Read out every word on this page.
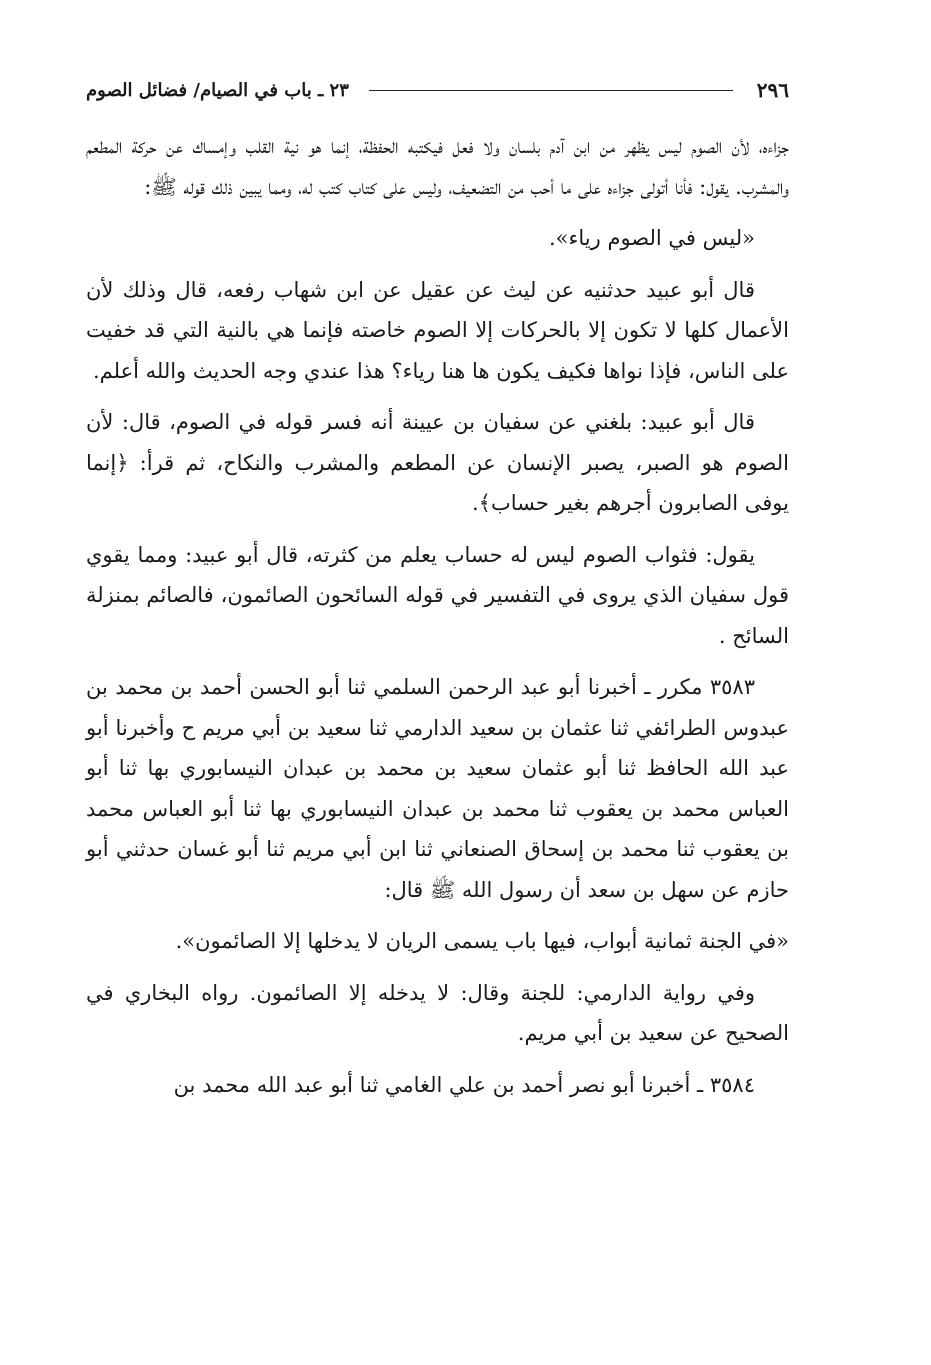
٢٩٦
٢٣ ـ باب في الصيام/ فضائل الصوم

جزاءه، لأن الصوم ليس يظهر من ابن آدم بلسان ولا فعل فيكتبه الحفظة، إنما هو نية القلب وإمساك عن حركة المطعم والمشرب. يقول: فأنا أتولى جزاءه على ما أحب من التضعيف، وليس على كتاب كتب له، ومما يبين ذلك قوله ﷺ:

«ليس في الصوم رياء».

قال أبو عبيد حدثنيه عن ليث عن عقيل عن ابن شهاب رفعه، قال وذلك لأن الأعمال كلها لا تكون إلا بالحركات إلا الصوم خاصته فإنما هي بالنية التي قد خفيت على الناس، فإذا نواها فكيف يكون ها هنا رياء؟ هذا عندي وجه الحديث والله أعلم.

قال أبو عبيد: بلغني عن سفيان بن عيينة أنه فسر قوله في الصوم، قال: لأن الصوم هو الصبر، يصبر الإنسان عن المطعم والمشرب والنكاح، ثم قرأ: ﴿إنما يوفى الصابرون أجرهم بغير حساب﴾.

يقول: فثواب الصوم ليس له حساب يعلم من كثرته، قال أبو عبيد: ومما يقوي قول سفيان الذي يروى في التفسير في قوله السائحون الصائمون، فالصائم بمنزلة السائح .

٣٥٨٣ مكرر ـ أخبرنا أبو عبد الرحمن السلمي ثنا أبو الحسن أحمد بن محمد بن عبدوس الطرائفي ثنا عثمان بن سعيد الدارمي ثنا سعيد بن أبي مريم ح وأخبرنا أبو عبد الله الحافظ ثنا أبو عثمان سعيد بن محمد بن عبدان النيسابوري بها ثنا أبو العباس محمد بن يعقوب ثنا محمد بن عبدان النيسابوري بها ثنا أبو العباس محمد بن يعقوب ثنا محمد بن إسحاق الصنعاني ثنا ابن أبي مريم ثنا أبو غسان حدثني أبو حازم عن سهل بن سعد أن رسول الله ﷺ قال:

«في الجنة ثمانية أبواب، فيها باب يسمى الريان لا يدخلها إلا الصائمون».

وفي رواية الدارمي: للجنة وقال: لا يدخله إلا الصائمون. رواه البخاري في الصحيح عن سعيد بن أبي مريم.

٣٥٨٤ ـ أخبرنا أبو نصر أحمد بن علي الغامي ثنا أبو عبد الله محمد بن
